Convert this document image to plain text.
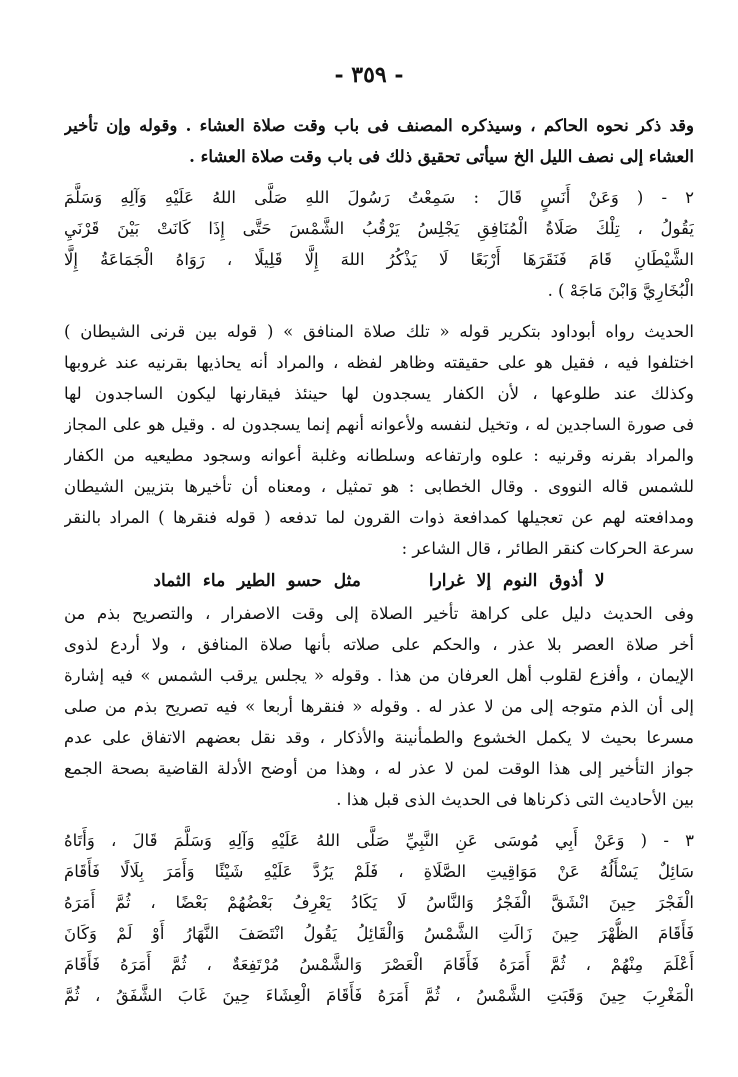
- ٣٥٩ -
وقد ذكر نحوه الحاكم ، وسيذكره المصنف فى باب وقت صلاة العشاء . وقوله وإن تأخير
العشاء إلى نصف الليل الخ سيأتى تحقيق ذلك فى باب وقت صلاة العشاء .
٢ - ( وَعَنْ أَنَسٍ قَالَ : سَمِعْتُ رَسُولَ اللهِ صَلَّى اللهُ عَلَيْهِ وَآلِهِ وَسَلَّمَ
يَقُولُ ، تِلْكَ صَلَاةُ الْمُنَافِقِ يَجْلِسُ يَرْقُبُ الشَّمْسَ حَتَّى إِذَا كَانَتْ بَيْنَ قَرْنَيِ
الشَّيْطَانِ قَامَ فَنَقَرَهَا أَرْبَعًا لَا يَذْكُرُ اللهَ إِلَّا قَلِيلًا ، رَوَاهُ الْجَمَاعَةُ إِلَّا
الْبُخَارِيَّ وَابْنَ مَاجَهْ ) .
الحديث رواه أبوداود بتكرير قوله « تلك صلاة المنافق » ( قوله بين قرنى الشيطان )
اختلفوا فيه ، فقيل هو على حقيقته وظاهر لفظه ، والمراد أنه يحاذيها بقرنيه عند غروبها
وكذلك عند طلوعها ، لأن الكفار يسجدون لها حينئذ فيقارنها ليكون الساجدون لها
فى صورة الساجدين له ، وتخيل لنفسه ولأعوانه أنهم إنما يسجدون له . وقيل هو على المجاز
والمراد بقرنه وقرنيه : علوه وارتفاعه وسلطانه وغلبة أعوانه وسجود مطيعيه من الكفار
للشمس قاله النووى . وقال الخطابى : هو تمثيل ، ومعناه أن تأخيرها بتزيين الشيطان
ومدافعته لهم عن تعجيلها كمدافعة ذوات القرون لما تدفعه ( قوله فنقرها ) المراد بالنقر
سرعة الحركات كنقر الطائر ، قال الشاعر :
لا أذوق النوم إلا غرارا مثل حسو الطير ماء الثماد
وفى الحديث دليل على كراهة تأخير الصلاة إلى وقت الاصفرار ، والتصريح بذم من
أخر صلاة العصر بلا عذر ، والحكم على صلاته بأنها صلاة المنافق ، ولا أردع لذوى
الإيمان ، وأفزع لقلوب أهل العرفان من هذا . وقوله « يجلس يرقب الشمس » فيه إشارة
إلى أن الذم متوجه إلى من لا عذر له . وقوله « فنقرها أربعا » فيه تصريح بذم من صلى
مسرعا بحيث لا يكمل الخشوع والطمأنينة والأذكار ، وقد نقل بعضهم الاتفاق على عدم
جواز التأخير إلى هذا الوقت لمن لا عذر له ، وهذا من أوضح الأدلة القاضية بصحة الجمع
بين الأحاديث التى ذكرناها فى الحديث الذى قبل هذا .
٣ - ( وَعَنْ أَبِي مُوسَى عَنِ النَّبِيِّ صَلَّى اللهُ عَلَيْهِ وَآلِهِ وَسَلَّمَ قَالَ ، وَأَتَاهُ
سَائِلٌ يَسْأَلُهُ عَنْ مَوَاقِيتِ الصَّلَاةِ ، فَلَمْ يَرُدَّ عَلَيْهِ شَيْئًا وَأَمَرَ بِلَالًا فَأَقَامَ
الْفَجْرَ حِينَ انْشَقَّ الْفَجْرُ وَالنَّاسُ لَا يَكَادُ يَعْرِفُ بَعْضُهُمْ بَعْضًا ، ثُمَّ أَمَرَهُ
فَأَقَامَ الظُّهْرَ حِينَ زَالَتِ الشَّمْسُ وَالْقَائِلُ يَقُولُ انْتَصَفَ النَّهَارُ أَوْ لَمْ وَكَانَ
أَعْلَمَ مِنْهُمْ ، ثُمَّ أَمَرَهُ فَأَقَامَ الْعَصْرَ وَالشَّمْسُ مُرْتَفِعَةٌ ، ثُمَّ أَمَرَهُ فَأَقَامَ
الْمَغْرِبَ حِينَ وَقَبَتِ الشَّمْسُ ، ثُمَّ أَمَرَهُ فَأَقَامَ الْعِشَاءَ حِينَ غَابَ الشَّفَقُ ، ثُمَّ
